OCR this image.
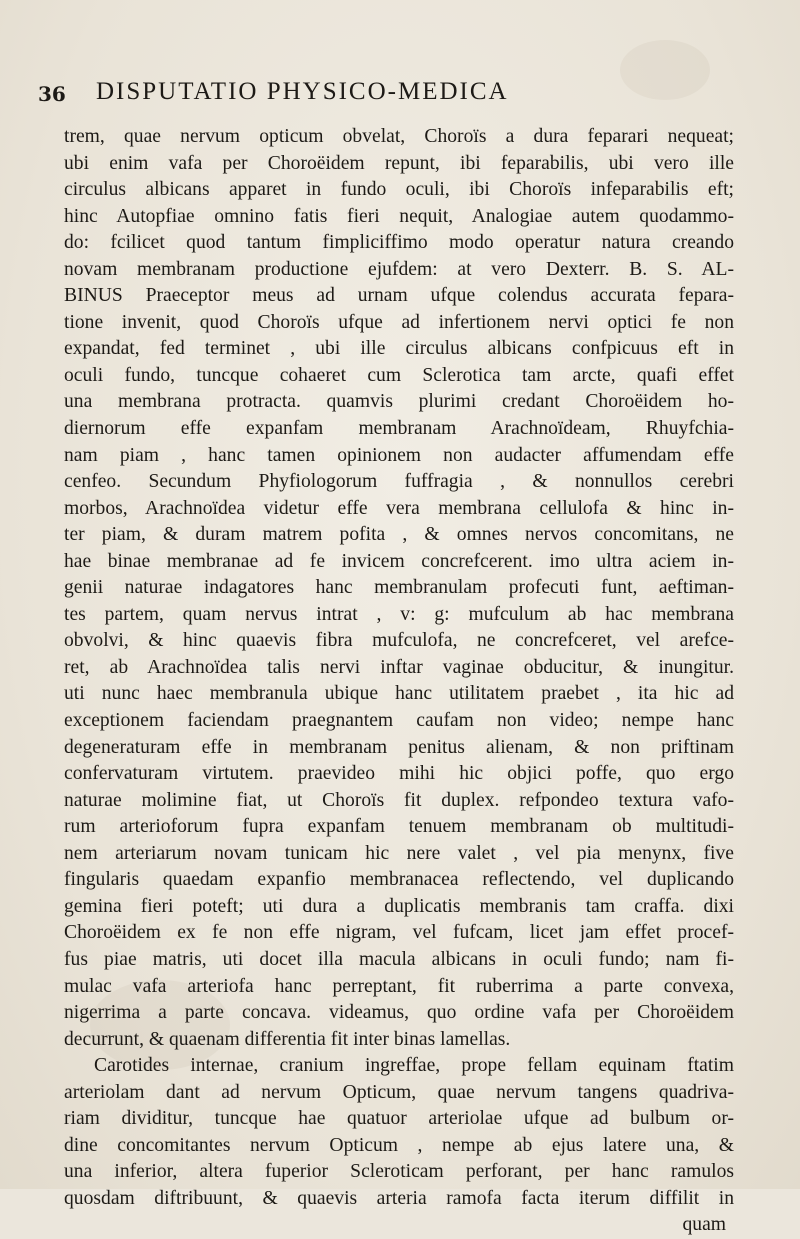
36 DISPUTATIO PHYSICO-MEDICA
trem, quae nervum opticum obvelat, Choroïs a dura feparari nequeat;
ubi enim vafa per Choroëidem repunt, ibi feparabilis, ubi vero ille
circulus albicans apparet in fundo oculi, ibi Choroïs infeparabilis eft;
hinc Autopfiae omnino fatis fieri nequit, Analogiae autem quodammo-
do: fcilicet quod tantum fimpliciffimo modo operatur natura creando
novam membranam productione ejufdem: at vero Dexterr. B. S. AL-
BINUS Praeceptor meus ad urnam ufque colendus accurata fepara-
tione invenit, quod Choroïs ufque ad infertionem nervi optici fe non
expandat, fed terminet , ubi ille circulus albicans confpicuus eft in
oculi fundo, tuncque cohaeret cum Sclerotica tam arcte, quafi effet
una membrana protracta. quamvis plurimi credant Choroëidem ho-
diernorum effe expanfam membranam Arachnoïdeam, Rhuyfchia-
nam piam , hanc tamen opinionem non audacter affumendam effe
cenfeo. Secundum Phyfiologorum fuffragia , & nonnullos cerebri
morbos, Arachnoïdea videtur effe vera membrana cellulofa & hinc in-
ter piam, & duram matrem pofita , & omnes nervos concomitans, ne
hae binae membranae ad fe invicem concrefcerent. imo ultra aciem in-
genii naturae indagatores hanc membranulam profecuti funt, aeftiman-
tes partem, quam nervus intrat , v: g: mufculum ab hac membrana
obvolvi, & hinc quaevis fibra mufculofa, ne concrefceret, vel arefce-
ret, ab Arachnoïdea talis nervi inftar vaginae obducitur, & inungitur.
uti nunc haec membranula ubique hanc utilitatem praebet , ita hic ad
exceptionem faciendam praegnantem caufam non video; nempe hanc
degeneraturam effe in membranam penitus alienam, & non priftinam
confervaturam virtutem. praevideo mihi hic objici poffe, quo ergo
naturae molimine fiat, ut Choroïs fit duplex. refpondeo textura vafo-
rum arterioforum fupra expanfam tenuem membranam ob multitudi-
nem arteriarum novam tunicam hic nere valet , vel pia menynx, five
fingularis quaedam expanfio membranacea reflectendo, vel duplicando
gemina fieri poteft; uti dura a duplicatis membranis tam craffa. dixi
Choroëidem ex fe non effe nigram, vel fufcam, licet jam effet procef-
fus piae matris, uti docet illa macula albicans in oculi fundo; nam fi-
mulac vafa arteriofa hanc perreptant, fit ruberrima a parte convexa,
nigerrima a parte concava. videamus, quo ordine vafa per Choroëidem
decurrunt, & quaenam differentia fit inter binas lamellas.
Carotides internae, cranium ingreffae, prope fellam equinam ftatim
arteriolam dant ad nervum Opticum, quae nervum tangens quadriva-
riam dividitur, tuncque hae quatuor arteriolae ufque ad bulbum or-
dine concomitantes nervum Opticum , nempe ab ejus latere una, &
una inferior, altera fuperior Scleroticam perforant, per hanc ramulos
quosdam diftribuunt, & quaevis arteria ramofa facta iterum diffilit in
quam
